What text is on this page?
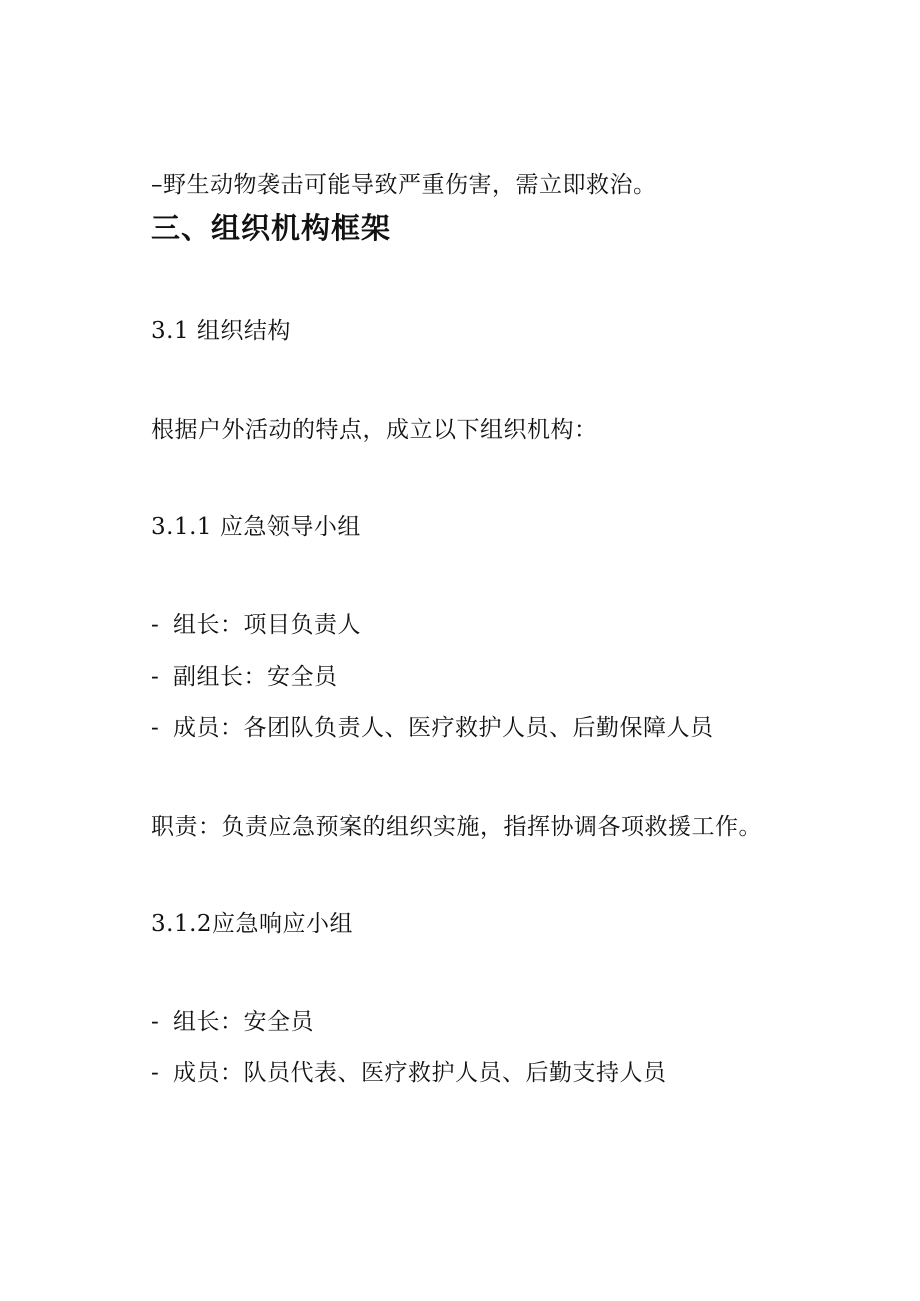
–野生动物袭击可能导致严重伤害，需立即救治。
三、组织机构框架
3.1 组织结构
根据户外活动的特点，成立以下组织机构：
3.1.1 应急领导小组
- 组长：项目负责人
- 副组长：安全员
- 成员：各团队负责人、医疗救护人员、后勤保障人员
职责：负责应急预案的组织实施，指挥协调各项救援工作。
3.1.2应急响应小组
- 组长：安全员
- 成员：队员代表、医疗救护人员、后勤支持人员
